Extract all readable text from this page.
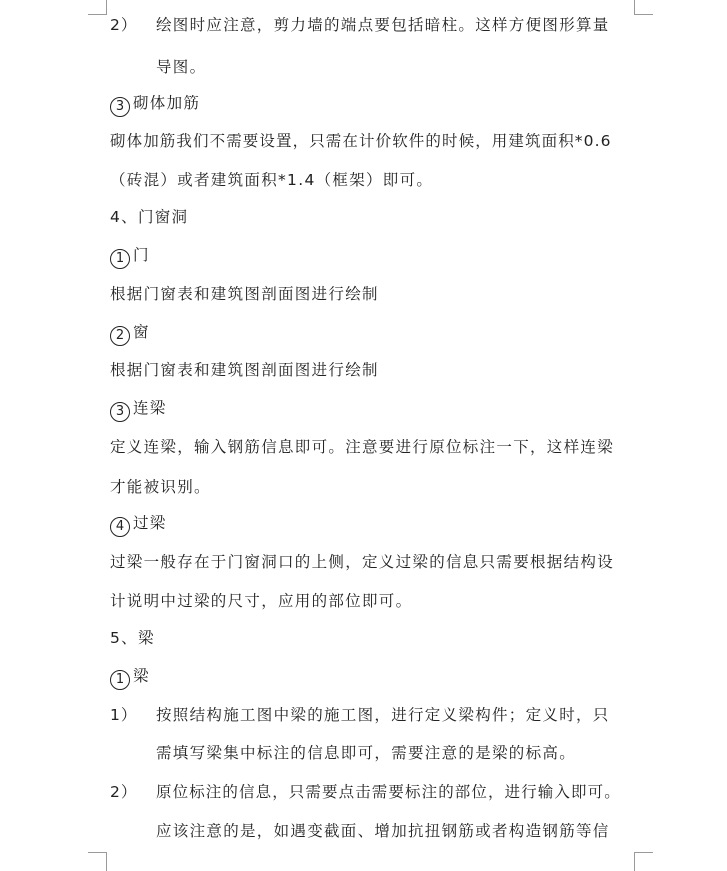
2） 绘图时应注意，剪力墙的端点要包括暗柱。这样方便图形算量
导图。
3 砌体加筋
砌体加筋我们不需要设置，只需在计价软件的时候，用建筑面积*0.6
（砖混）或者建筑面积*1.4（框架）即可。
4、门窗洞
1 门
根据门窗表和建筑图剖面图进行绘制
2 窗
根据门窗表和建筑图剖面图进行绘制
3 连梁
定义连梁，输入钢筋信息即可。注意要进行原位标注一下，这样连梁
才能被识别。
4 过梁
过梁一般存在于门窗洞口的上侧，定义过梁的信息只需要根据结构设
计说明中过梁的尺寸，应用的部位即可。
5、梁
1 梁
1） 按照结构施工图中梁的施工图，进行定义梁构件；定义时，只
需填写梁集中标注的信息即可，需要注意的是梁的标高。
2） 原位标注的信息，只需要点击需要标注的部位，进行输入即可。
应该注意的是，如遇变截面、增加抗扭钢筋或者构造钢筋等信
